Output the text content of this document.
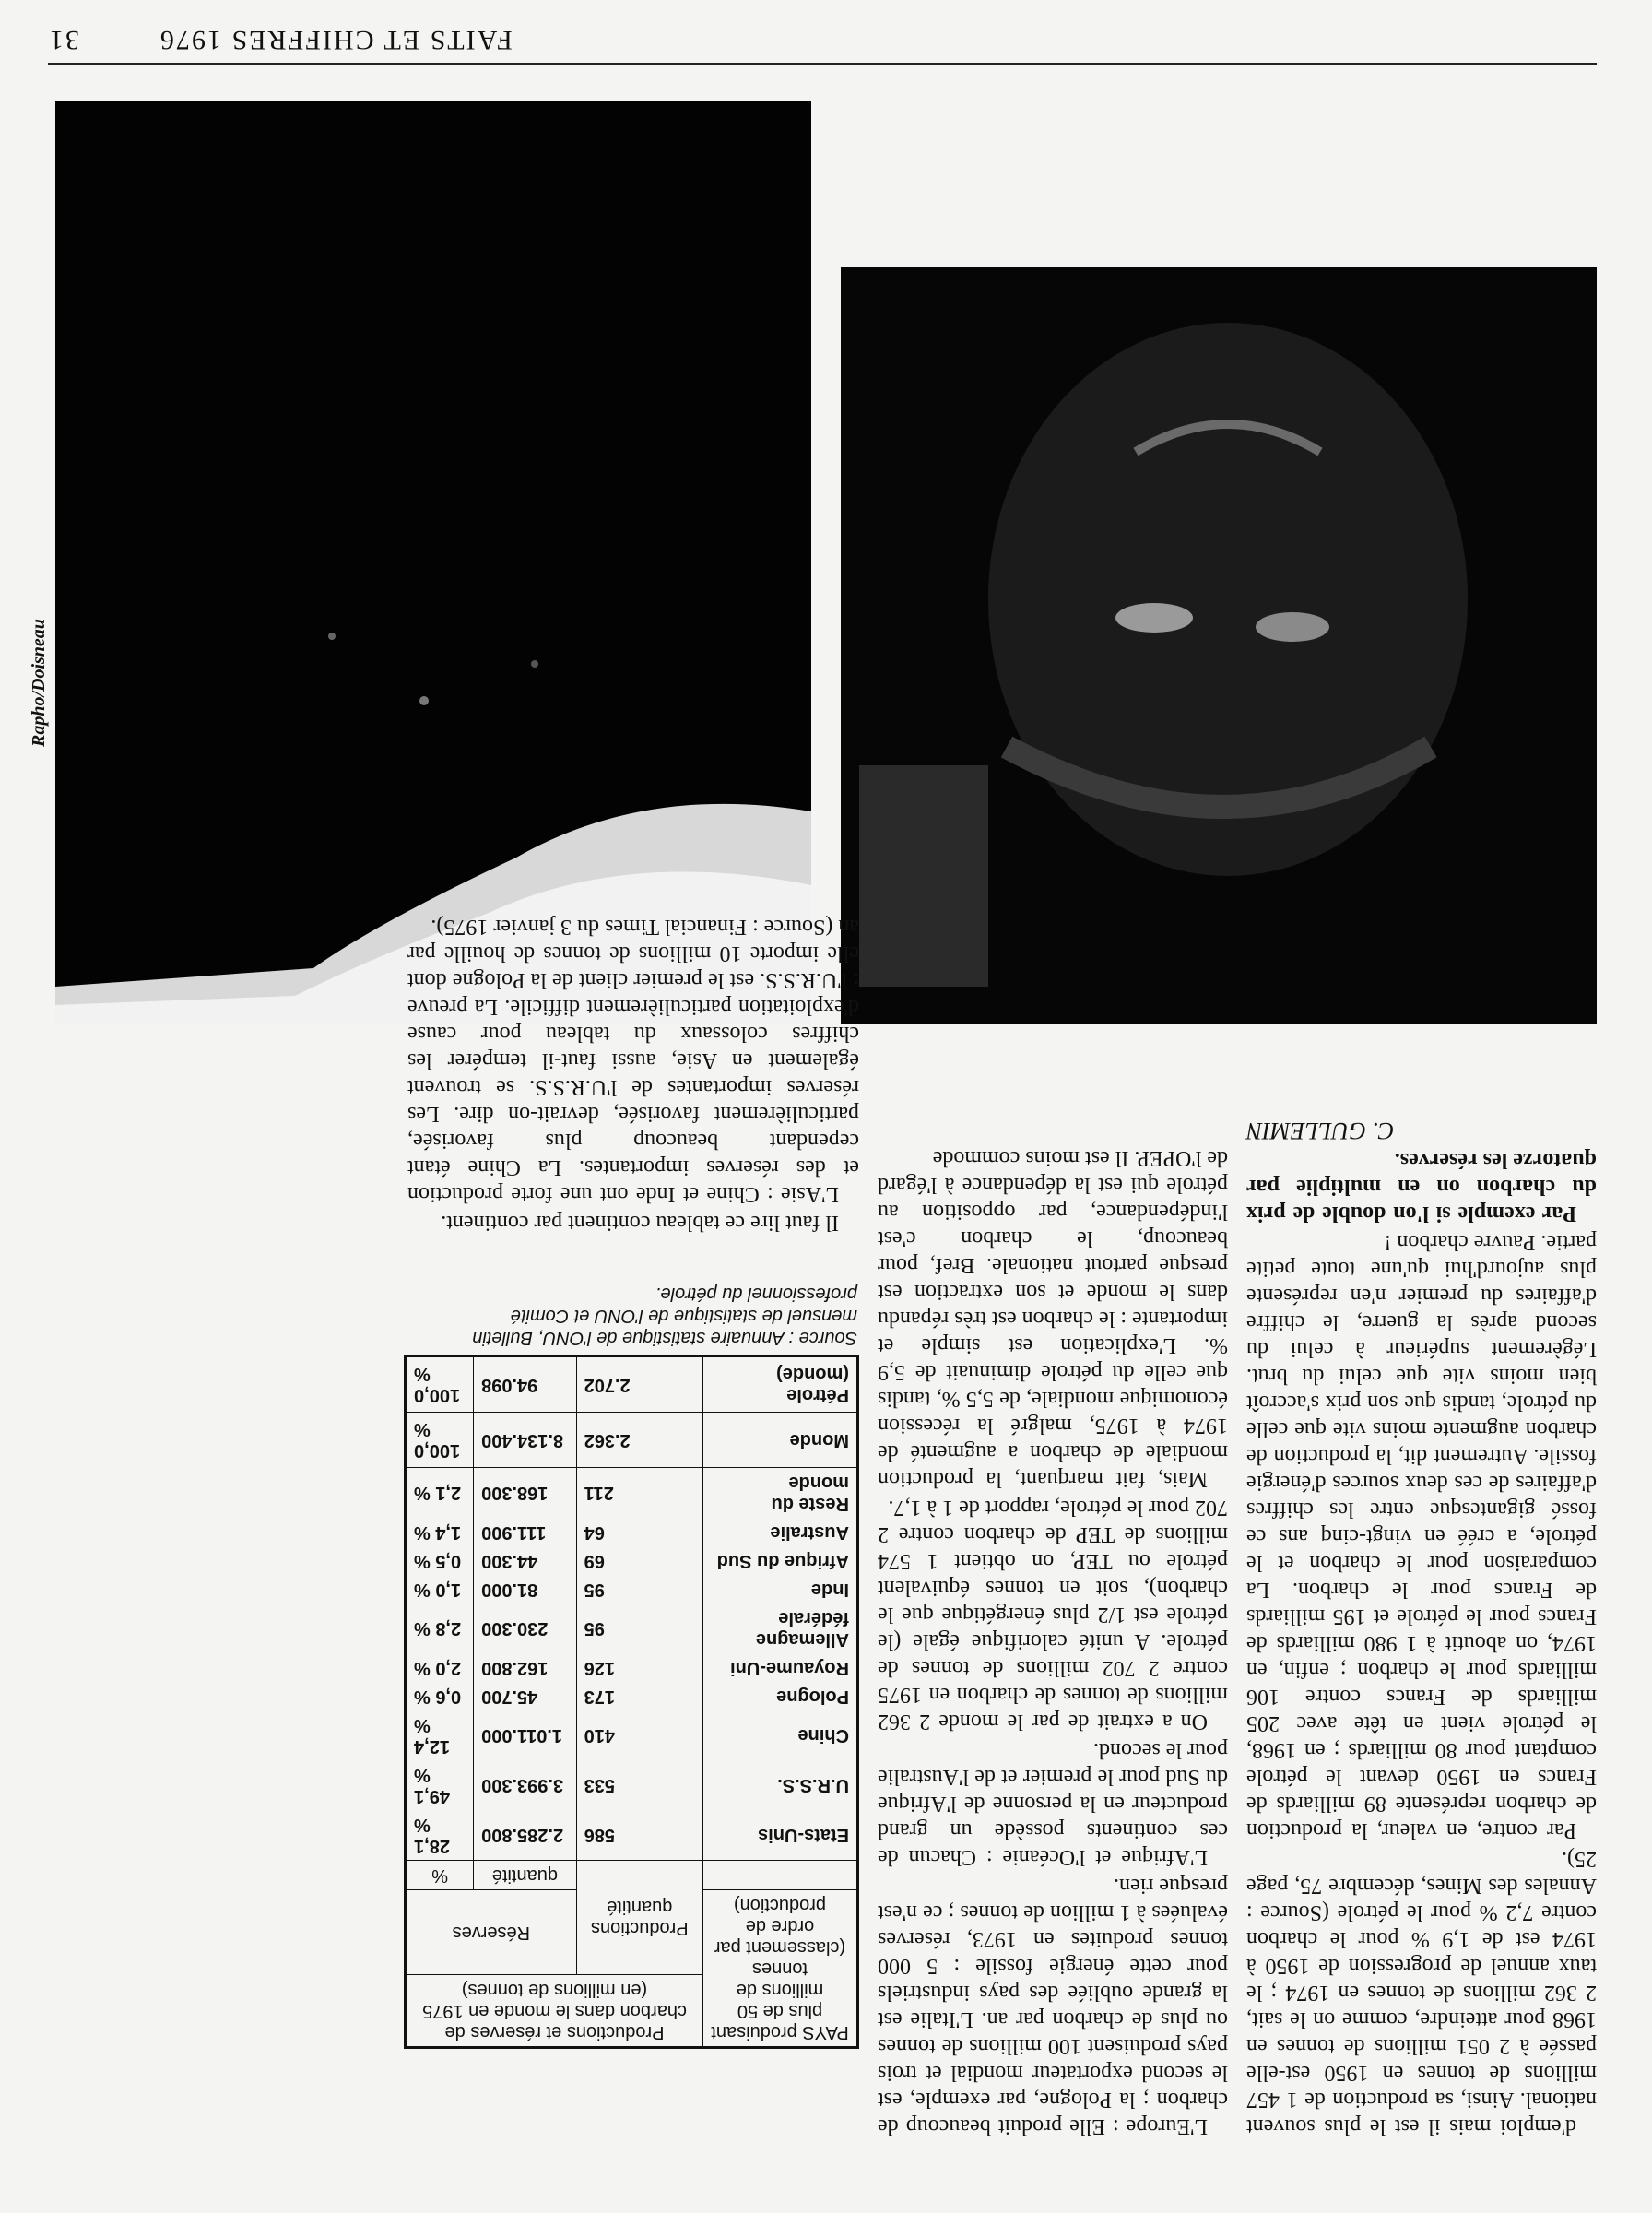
FAITS ET CHIFFRES 1976
31
Rapho/Doisneau
PAYS produisant plus de 50 millions de tonnes (classement par ordre de production)	Productions et réserves de charbon dans le monde en 1975 (en millions de tonnes)		
	Productions quantité	Réserves	
		quantité	%
Etats-Unis	586	2.285.800	28,1 %
U.R.S.S.	533	3.993.300	49,1 %
Chine	410	1.011.000	12,4 %
Pologne	173	45.700	0,6 %
Royaume-Uni	126	162.800	2,0 %
Allemagne fédérale	95	230.300	2,8 %
Inde	95	81.000	1,0 %
Afrique du Sud	69	44.300	0,5 %
Australie	64	111.900	1,4 %
Reste du monde	211	168.300	2,1 %
Monde	2.362	8.134.400	100,0 %
Pétrole (monde)	2.702	94.098	100,0 %
Source : Annuaire statistique de l'ONU, Bulletin mensuel de statistique de l'ONU et Comité professionnel du pétrole.

Il faut lire ce tableau continent par continent.

L'Asie : Chine et Inde ont une forte production et des réserves importantes. La Chine étant cependant beaucoup plus favorisée, particulièrement favorisée, devrait-on dire. Les réserves importantes de l'U.R.S.S. se trouvent également en Asie, aussi faut-il tempérer les chiffres colossaux du tableau pour cause d'exploitation particulièrement difficile. La preuve : l'U.R.S.S. est le premier client de la Pologne dont elle importe 10 millions de tonnes de houille par an (Source : Financial Times du 3 janvier 1975).

L'Europe : Elle produit beaucoup de charbon ; la Pologne, par exemple, est le second exportateur mondial et trois pays produisent 100 millions de tonnes ou plus de charbon par an. L'Italie est la grande oubliée des pays industriels pour cette énergie fossile : 5 000 tonnes produites en 1973, réserves évaluées à 1 million de tonnes ; ce n'est presque rien.

L'Afrique et l'Océanie : Chacun de ces continents possède un grand producteur en la personne de l'Afrique du Sud pour le premier et de l'Australie pour le second.

On a extrait de par le monde 2 362 millions de tonnes de charbon en 1975 contre 2 702 millions de tonnes de pétrole. A unité calorifique égale (le pétrole est 1/2 plus énergétique que le charbon), soit en tonnes équivalent pétrole ou TEP, on obtient 1 574 millions de TEP de charbon contre 2 702 pour le pétrole, rapport de 1 à 1,7.

Mais, fait marquant, la production mondiale de charbon a augmenté de 1974 à 1975, malgré la récession économique mondiale, de 5,5 %, tandis que celle du pétrole diminuait de 5,9 %. L'explication est simple et importante : le charbon est très répandu dans le monde et son extraction est presque partout nationale. Bref, pour beaucoup, le charbon c'est l'indépendance, par opposition au pétrole qui est la dépendance à l'égard de l'OPEP. Il est moins commode

d'emploi mais il est le plus souvent national. Ainsi, sa production de 1 457 millions de tonnes en 1950 est-elle passée à 2 051 millions de tonnes en 1968 pour atteindre, comme on le sait, 2 362 millions de tonnes en 1974 ; le taux annuel de progression de 1950 à 1974 est de 1,9 % pour le charbon contre 7,2 % pour le pétrole (Source : Annales des Mines, décembre 75, page 25).

Par contre, en valeur, la production de charbon représente 89 milliards de Francs en 1950 devant le pétrole comptant pour 80 milliards ; en 1968, le pétrole vient en tête avec 205 milliards de Francs contre 106 milliards pour le charbon ; enfin, en 1974, on aboutit à 1 980 milliards de Francs pour le pétrole et 195 milliards de Francs pour le charbon. La comparaison pour le charbon et le pétrole, a créé en vingt-cinq ans ce fossé gigantesque entre les chiffres d'affaires de ces deux sources d'énergie fossile. Autrement dit, la production de charbon augmente moins vite que celle du pétrole, tandis que son prix s'accroît bien moins vite que celui du brut. Légèrement supérieur à celui du second après la guerre, le chiffre d'affaires du premier n'en représente plus aujourd'hui qu'une toute petite partie. Pauvre charbon !

Par exemple si l'on double de prix du charbon on en multiplie par quatorze les réserves.

C. GULLEMIN
